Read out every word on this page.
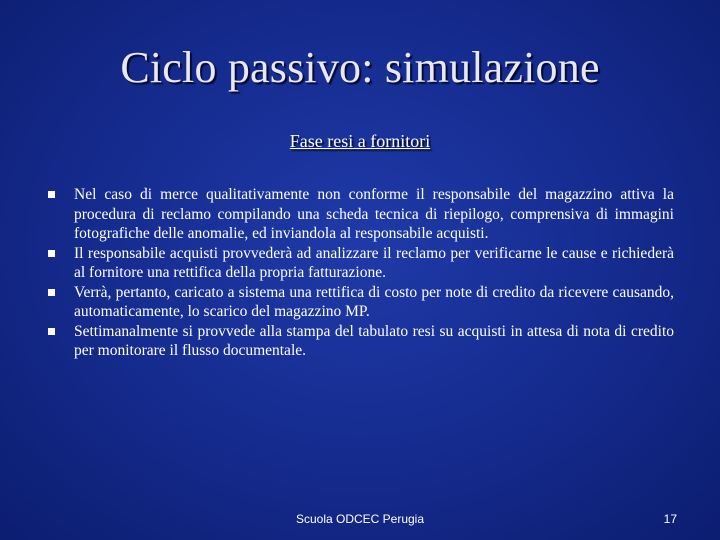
Ciclo passivo: simulazione
Fase resi a fornitori
Nel caso di merce qualitativamente non conforme il responsabile del magazzino attiva la procedura di reclamo compilando una scheda tecnica di riepilogo, comprensiva di immagini fotografiche delle anomalie, ed inviandola al responsabile acquisti.
Il responsabile acquisti provvederà ad analizzare il reclamo per verificarne le cause e richiederà al fornitore una rettifica della propria fatturazione.
Verrà, pertanto, caricato a sistema una rettifica di costo per note di credito da ricevere causando, automaticamente, lo scarico del magazzino MP.
Settimanalmente si provvede alla stampa del tabulato resi su acquisti in attesa di nota di credito per monitorare il flusso documentale.
Scuola ODCEC Perugia	17
